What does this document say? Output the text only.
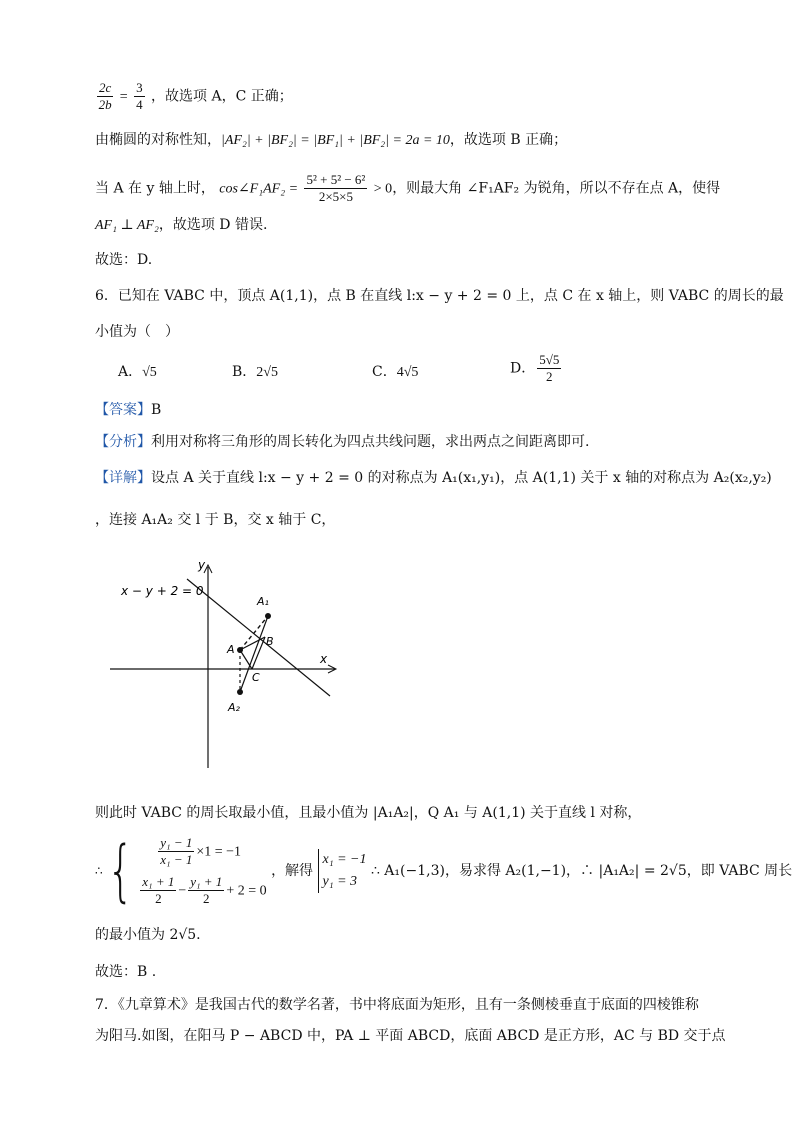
$\frac{2c}{2b} = \frac{3}{4}$ ，故选项 A，C 正确；
由椭圆的对称性知，|AF₂| + |BF₂| = |BF₁| + |BF₂| = 2a = 10，故选项 B 正确；
当 A 在 y 轴上时， cos∠F₁AF₂ = $\frac{\text{5² + 5² − 6²}}{2\times 5\times 5} > 0$，则最大角 ∠F₁AF₂ 为锐角，所以不存在点 A，使得
AF₁ ⊥ AF₂，故选项 D 错误.
故选：D.
6．已知在 VABC 中，顶点 A(1,1)，点 B 在直线 l:x − y + 2 = 0 上，点 C 在 x 轴上，则 VABC 的周长的最
小值为（　）
A．√5	B．2√5	C．4√5	D． $\frac{5√5}{2}$
【答案】B
【分析】利用对称将三角形的周长转化为四点共线问题，求出两点之间距离即可.
【详解】设点 A 关于直线 l:x − y + 2 = 0 的对称点为 A₁(x₁,y₁)，点 A(1,1) 关于 x 轴的对称点为 A₂(x₂,y₂)
，连接 A₁A₂ 交 l 于 B，交 x 轴于 C，
x − y + 2 = 0
y
x
A
A₁
A₂
B
C
则此时 VABC 的周长取最小值，且最小值为 |A₁A₂|，Q A₁ 与 A(1,1) 关于直线 l 对称，
∴ { $\frac{\text{y₁ − 1}}{\text{x₁ − 1}} \times 1 = -1$
$\frac{\text{x₁ + 1}}{2} - \frac{\text{y₁ + 1}}{2} + 2 = 0$
，解得
x₁ = −1
y₁ = 3
∴ A₁(−1,3)，易求得 A₂(1,−1)，∴ |A₁A₂| = 2√5，即 VABC 周长
的最小值为 2√5.
故选：B .
7．《九章算术》是我国古代的数学名著，书中将底面为矩形，且有一条侧棱垂直于底面的四棱锥称
为阳马.如图，在阳马 P − ABCD 中，PA ⊥ 平面 ABCD，底面 ABCD 是正方形，AC 与 BD 交于点
